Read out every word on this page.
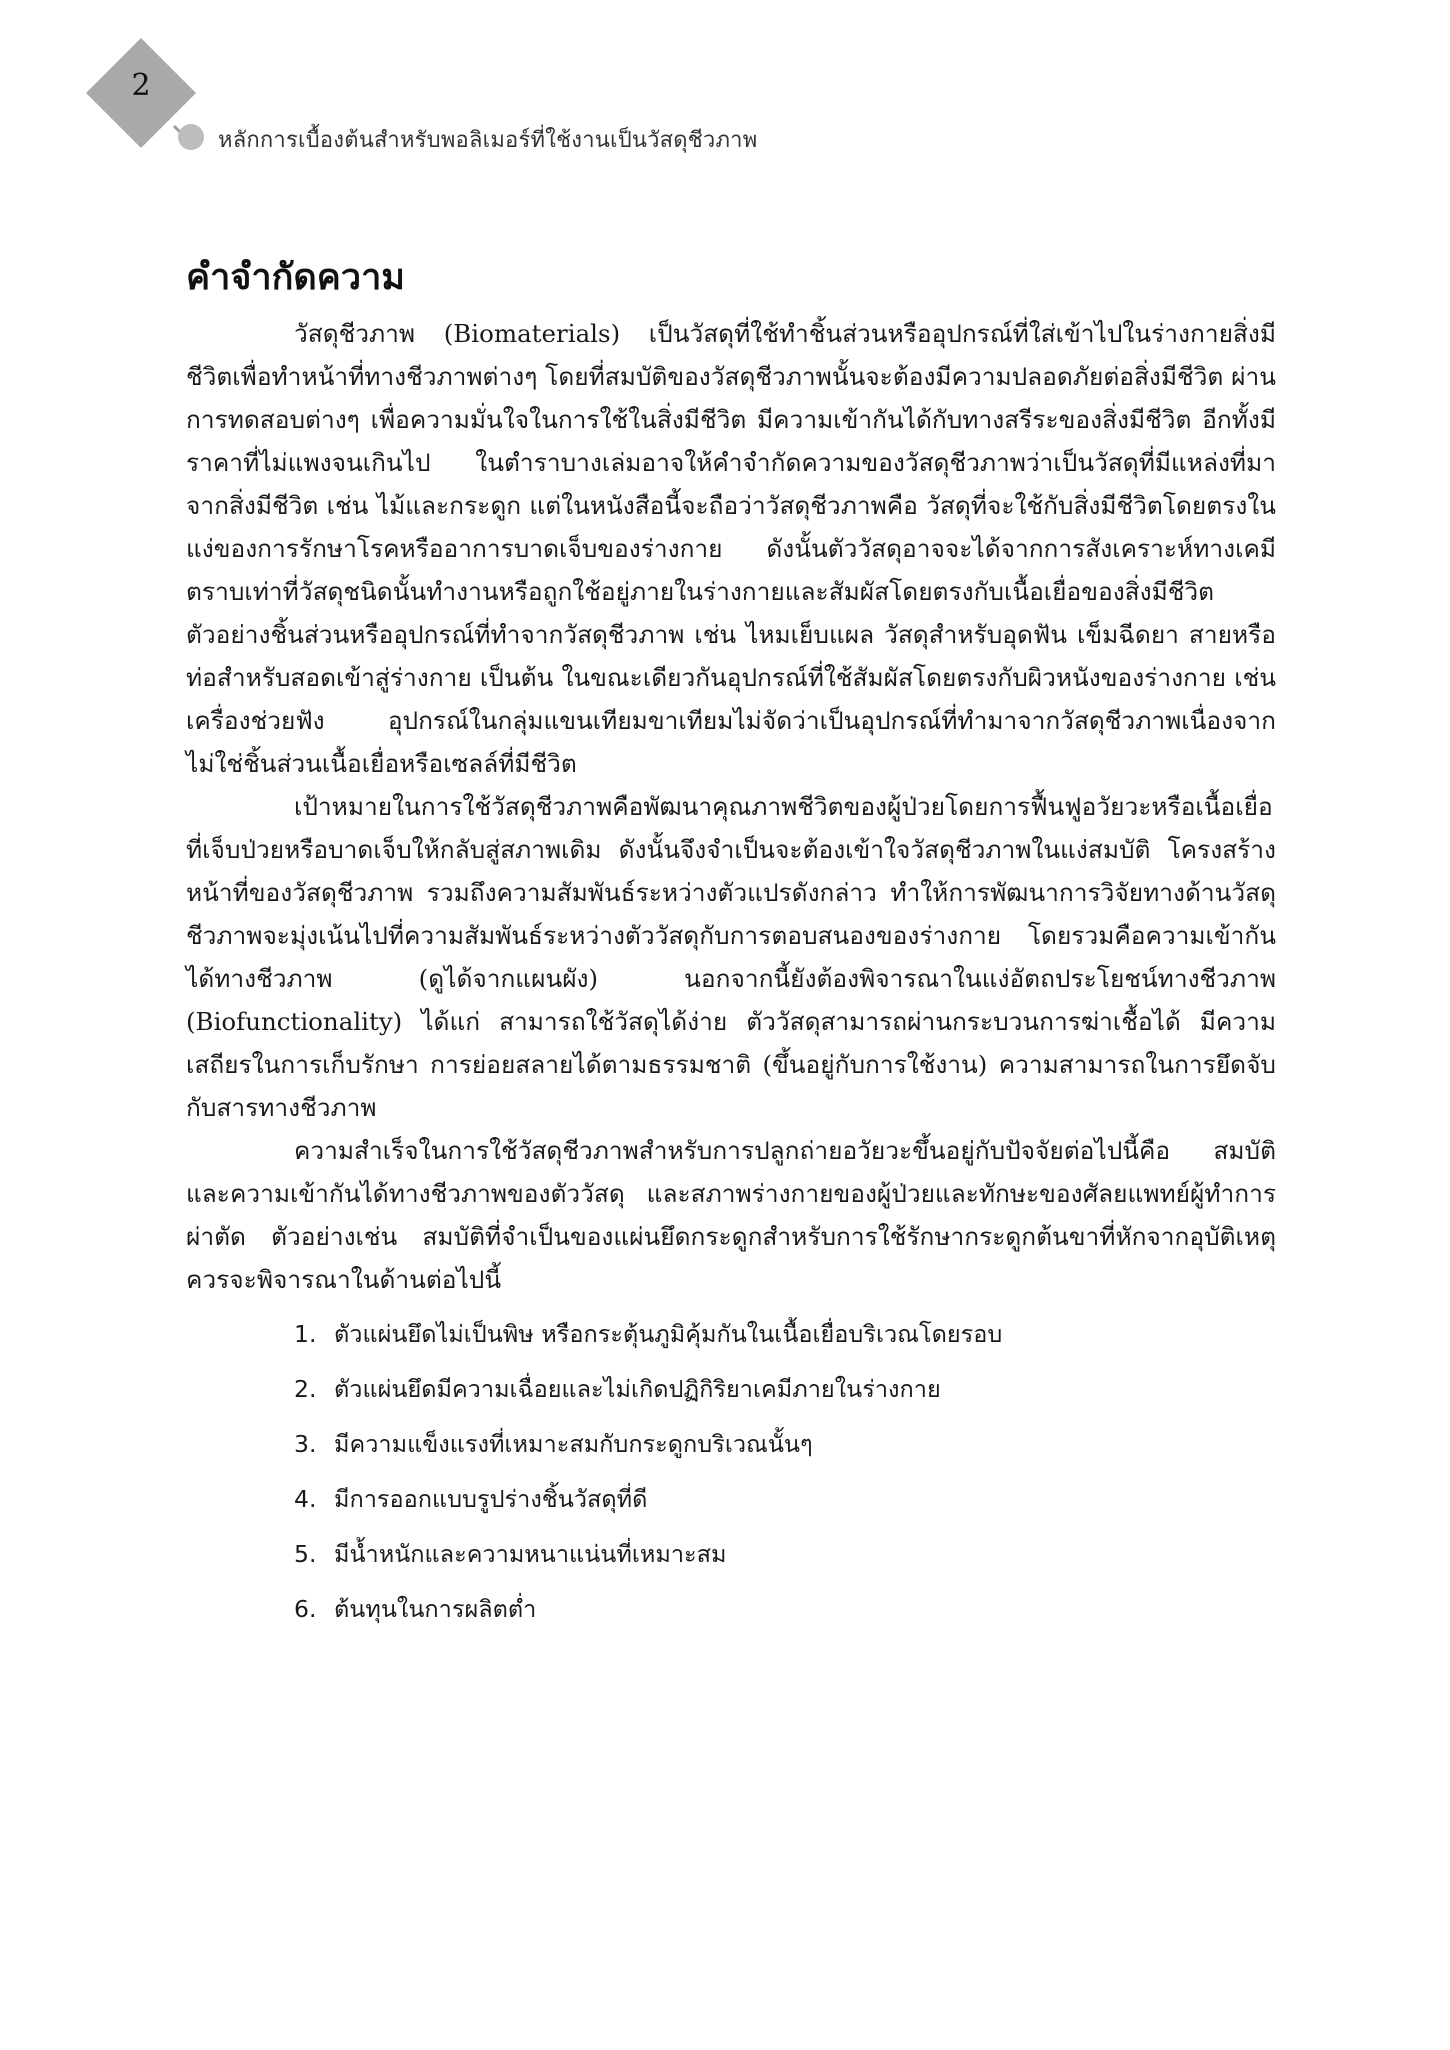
2
หลักการเบื้องต้นสำหรับพอลิเมอร์ที่ใช้งานเป็นวัสดุชีวภาพ
คำจำกัดความ

วัสดุชีวภาพ (Biomaterials) เป็นวัสดุที่ใช้ทำชิ้นส่วนหรืออุปกรณ์ที่ใส่เข้าไปในร่างกายสิ่งมีชีวิตเพื่อทำหน้าที่ทางชีวภาพต่างๆ โดยที่สมบัติของวัสดุชีวภาพนั้นจะต้องมีความปลอดภัยต่อสิ่งมีชีวิต ผ่านการทดสอบต่างๆ เพื่อความมั่นใจในการใช้ในสิ่งมีชีวิต มีความเข้ากันได้กับทางสรีระของสิ่งมีชีวิต อีกทั้งมีราคาที่ไม่แพงจนเกินไป ในตำราบางเล่มอาจให้คำจำกัดความของวัสดุชีวภาพว่าเป็นวัสดุที่มีแหล่งที่มาจากสิ่งมีชีวิต เช่น ไม้และกระดูก แต่ในหนังสือนี้จะถือว่าวัสดุชีวภาพคือ วัสดุที่จะใช้กับสิ่งมีชีวิตโดยตรงในแง่ของการรักษาโรคหรืออาการบาดเจ็บของร่างกาย ดังนั้นตัววัสดุอาจจะได้จากการสังเคราะห์ทางเคมีตราบเท่าที่วัสดุชนิดนั้นทำงานหรือถูกใช้อยู่ภายในร่างกายและสัมผัสโดยตรงกับเนื้อเยื่อของสิ่งมีชีวิต ตัวอย่างชิ้นส่วนหรืออุปกรณ์ที่ทำจากวัสดุชีวภาพ เช่น ไหมเย็บแผล วัสดุสำหรับอุดฟัน เข็มฉีดยา สายหรือท่อสำหรับสอดเข้าสู่ร่างกาย เป็นต้น ในขณะเดียวกันอุปกรณ์ที่ใช้สัมผัสโดยตรงกับผิวหนังของร่างกาย เช่น เครื่องช่วยฟัง อุปกรณ์ในกลุ่มแขนเทียมขาเทียมไม่จัดว่าเป็นอุปกรณ์ที่ทำมาจากวัสดุชีวภาพเนื่องจากไม่ใช่ชิ้นส่วนเนื้อเยื่อหรือเซลล์ที่มีชีวิต

เป้าหมายในการใช้วัสดุชีวภาพคือพัฒนาคุณภาพชีวิตของผู้ป่วยโดยการฟื้นฟูอวัยวะหรือเนื้อเยื่อที่เจ็บป่วยหรือบาดเจ็บให้กลับสู่สภาพเดิม ดังนั้นจึงจำเป็นจะต้องเข้าใจวัสดุชีวภาพในแง่สมบัติ โครงสร้าง หน้าที่ของวัสดุชีวภาพ รวมถึงความสัมพันธ์ระหว่างตัวแปรดังกล่าว ทำให้การพัฒนาการวิจัยทางด้านวัสดุชีวภาพจะมุ่งเน้นไปที่ความสัมพันธ์ระหว่างตัววัสดุกับการตอบสนองของร่างกาย โดยรวมคือความเข้ากันได้ทางชีวภาพ (ดูได้จากแผนผัง) นอกจากนี้ยังต้องพิจารณาในแง่อัตถประโยชน์ทางชีวภาพ (Biofunctionality) ได้แก่ สามารถใช้วัสดุได้ง่าย ตัววัสดุสามารถผ่านกระบวนการฆ่าเชื้อได้ มีความเสถียรในการเก็บรักษา การย่อยสลายได้ตามธรรมชาติ (ขึ้นอยู่กับการใช้งาน) ความสามารถในการยึดจับกับสารทางชีวภาพ

ความสำเร็จในการใช้วัสดุชีวภาพสำหรับการปลูกถ่ายอวัยวะขึ้นอยู่กับปัจจัยต่อไปนี้คือ สมบัติและความเข้ากันได้ทางชีวภาพของตัววัสดุ และสภาพร่างกายของผู้ป่วยและทักษะของศัลยแพทย์ผู้ทำการผ่าตัด ตัวอย่างเช่น สมบัติที่จำเป็นของแผ่นยึดกระดูกสำหรับการใช้รักษากระดูกต้นขาที่หักจากอุบัติเหตุควรจะพิจารณาในด้านต่อไปนี้

1. ตัวแผ่นยึดไม่เป็นพิษ หรือกระตุ้นภูมิคุ้มกันในเนื้อเยื่อบริเวณโดยรอบ
2. ตัวแผ่นยึดมีความเฉื่อยและไม่เกิดปฏิกิริยาเคมีภายในร่างกาย
3. มีความแข็งแรงที่เหมาะสมกับกระดูกบริเวณนั้นๆ
4. มีการออกแบบรูปร่างชิ้นวัสดุที่ดี
5. มีน้ำหนักและความหนาแน่นที่เหมาะสม
6. ต้นทุนในการผลิตต่ำ
